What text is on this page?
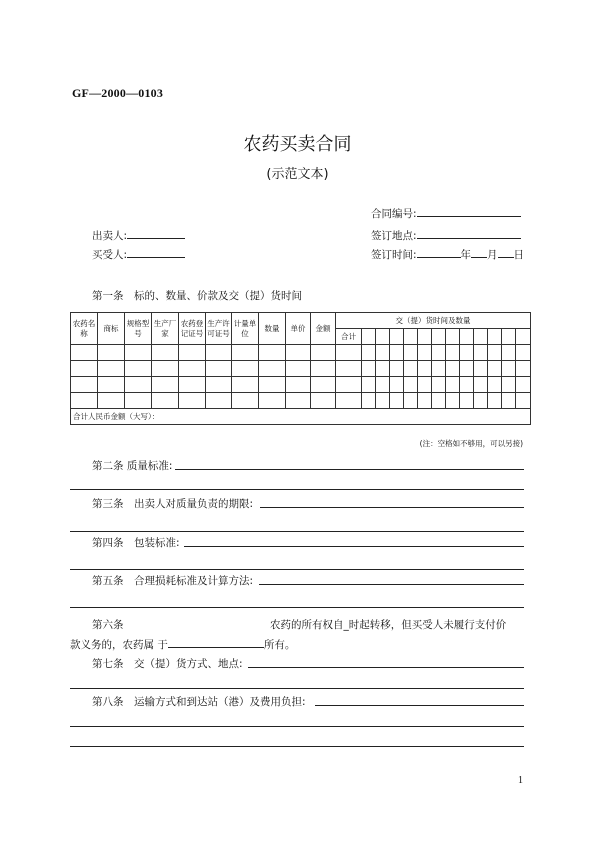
GF—2000—0103
农药买卖合同
(示范文本)
合同编号:
出卖人:	签订地点:
买受人:	签订时间:	年 月 日
第一条　标的、数量、价款及交（提）货时间
农药名称	商标	规格型号	生产厂家	农药登记证号	生产许可证号	计量单位	数量	单价	金额	交（提）货时间及数量												
										合计												

合计人民币金额（大写）：																						
(注：空格如不够用，可以另接)
第二条 质量标准:
第三条　出卖人对质量负责的期限:
第四条　包装标准:
第五条　合理损耗标准及计算方法:
第六条	农药的所有权自_时起转移，但买受人未履行支付价
款义务的，农药属 于	所有。
第七条　交（提）货方式、地点:
第八条　运输方式和到达站（港）及费用负担:
1
